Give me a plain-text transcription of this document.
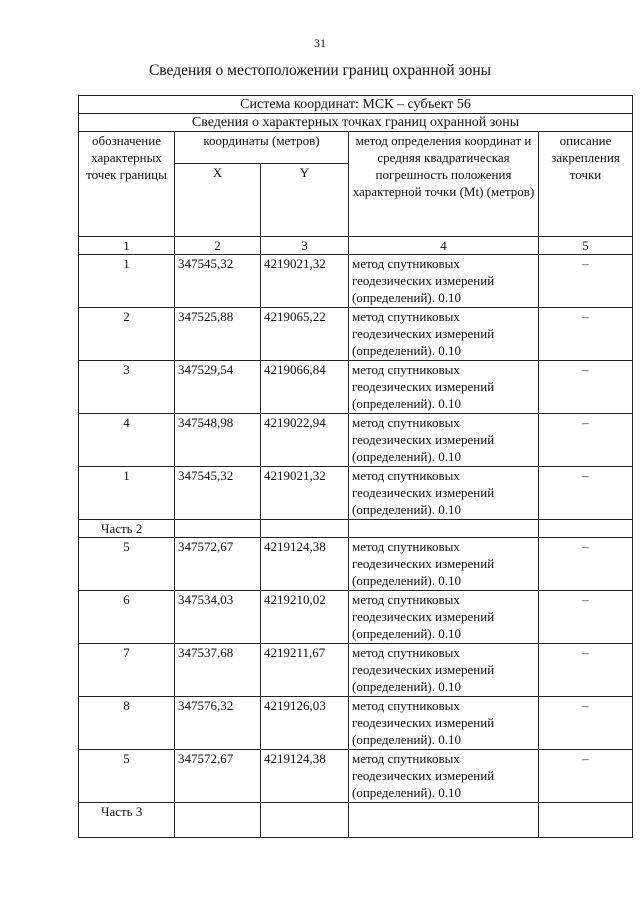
31
Сведения о местоположении границ охранной зоны
Система координат: МСК – субъект 56				
Сведения о характерных точках границ охранной зоны				
обозначение характерных точек границы	координаты (метров)		метод определения координат и средняя квадратическая погрешность положения характерной точки (Mt) (метров)	описание закрепления точки
	X	Y		
1	2	3	4	5
1	347545,32	4219021,32	метод спутниковых геодезических измерений (определений). 0.10	–
2	347525,88	4219065,22	метод спутниковых геодезических измерений (определений). 0.10	–
3	347529,54	4219066,84	метод спутниковых геодезических измерений (определений). 0.10	–
4	347548,98	4219022,94	метод спутниковых геодезических измерений (определений). 0.10	–
1	347545,32	4219021,32	метод спутниковых геодезических измерений (определений). 0.10	–
Часть 2				
5	347572,67	4219124,38	метод спутниковых геодезических измерений (определений). 0.10	–
6	347534,03	4219210,02	метод спутниковых геодезических измерений (определений). 0.10	–
7	347537,68	4219211,67	метод спутниковых геодезических измерений (определений). 0.10	–
8	347576,32	4219126,03	метод спутниковых геодезических измерений (определений). 0.10	–
5	347572,67	4219124,38	метод спутниковых геодезических измерений (определений). 0.10	–
Часть 3				
